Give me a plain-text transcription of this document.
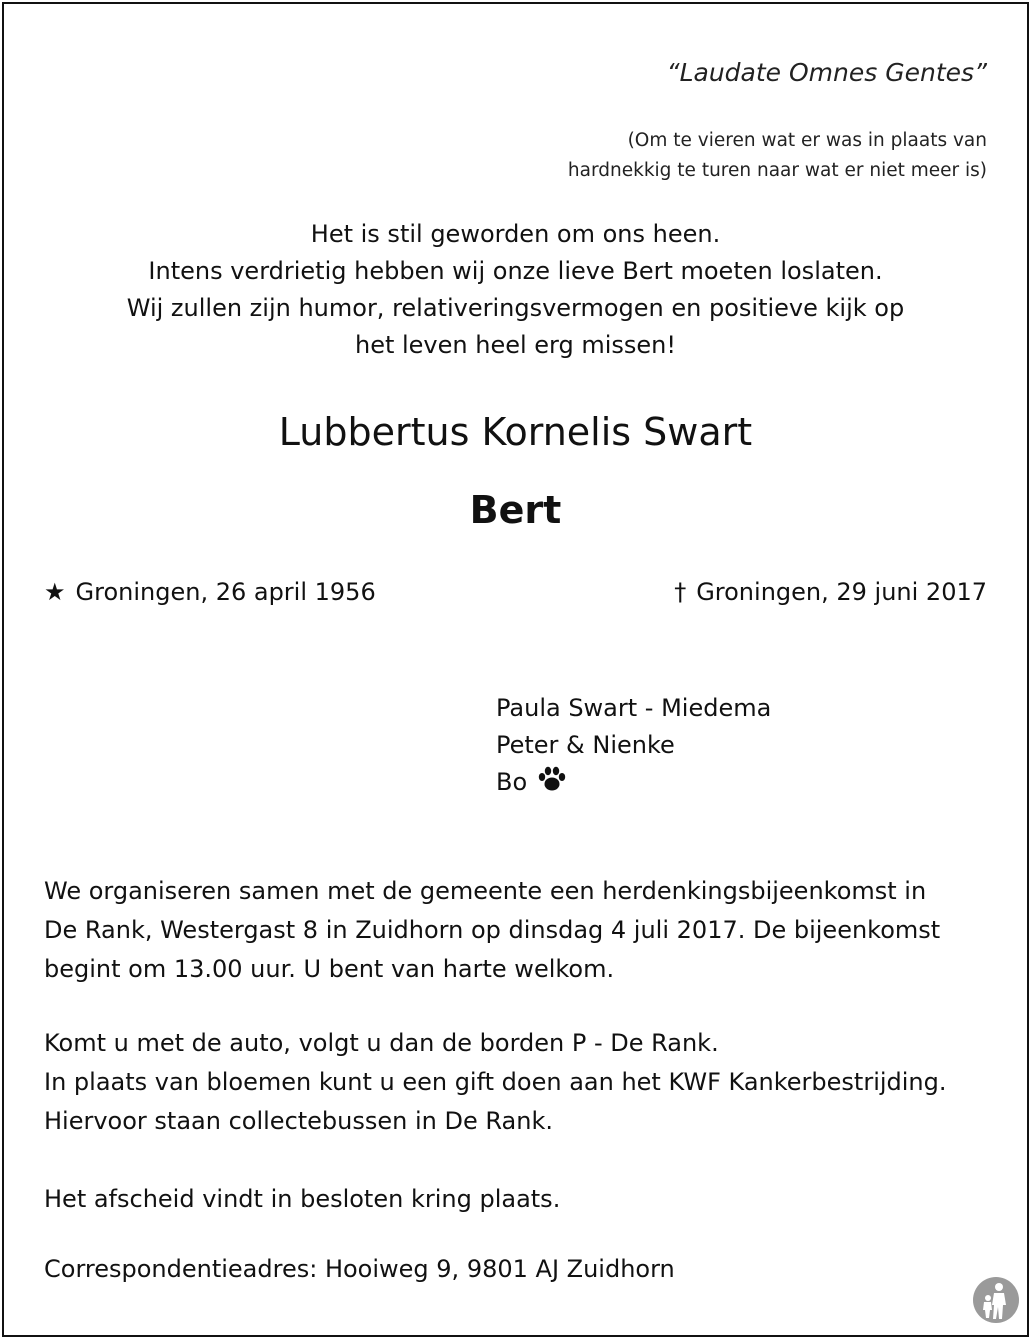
“Laudate Omnes Gentes”
(Om te vieren wat er was in plaats van
hardnekkig te turen naar wat er niet meer is)
Het is stil geworden om ons heen.
Intens verdrietig hebben wij onze lieve Bert moeten loslaten.
Wij zullen zijn humor, relativeringsvermogen en positieve kijk op
het leven heel erg missen!
Lubbertus Kornelis Swart
Bert
★ Groningen, 26 april 1956	† Groningen, 29 juni 2017
Paula Swart - Miedema
Peter & Nienke
Bo
We organiseren samen met de gemeente een herdenkingsbijeenkomst in
De Rank, Westergast 8 in Zuidhorn op dinsdag 4 juli 2017. De bijeenkomst
begint om 13.00 uur. U bent van harte welkom.
Komt u met de auto, volgt u dan de borden P - De Rank.
In plaats van bloemen kunt u een gift doen aan het KWF Kankerbestrijding.
Hiervoor staan collectebussen in De Rank.
Het afscheid vindt in besloten kring plaats.
Correspondentieadres: Hooiweg 9, 9801 AJ Zuidhorn
